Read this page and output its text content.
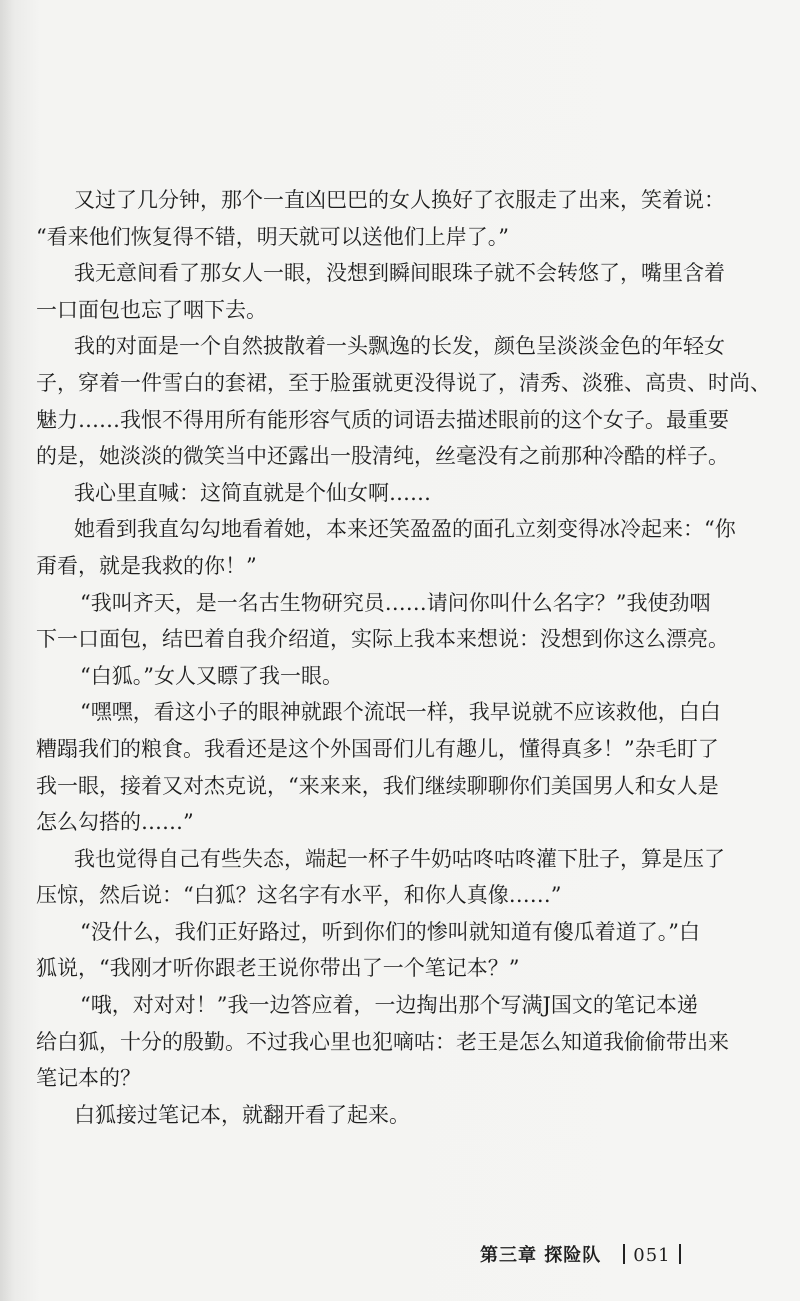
又过了几分钟，那个一直凶巴巴的女人换好了衣服走了出来，笑着说：
“看来他们恢复得不错，明天就可以送他们上岸了。”
我无意间看了那女人一眼，没想到瞬间眼珠子就不会转悠了，嘴里含着
一口面包也忘了咽下去。
我的对面是一个自然披散着一头飘逸的长发，颜色呈淡淡金色的年轻女
子，穿着一件雪白的套裙，至于脸蛋就更没得说了，清秀、淡雅、高贵、时尚、
魅力……我恨不得用所有能形容气质的词语去描述眼前的这个女子。最重要
的是，她淡淡的微笑当中还露出一股清纯，丝毫没有之前那种冷酷的样子。
我心里直喊：这简直就是个仙女啊……
她看到我直勾勾地看着她，本来还笑盈盈的面孔立刻变得冰冷起来：“你
甭看，就是我救的你！”
“我叫齐天，是一名古生物研究员……请问你叫什么名字？”我使劲咽
下一口面包，结巴着自我介绍道，实际上我本来想说：没想到你这么漂亮。
“白狐。”女人又瞟了我一眼。
“嘿嘿，看这小子的眼神就跟个流氓一样，我早说就不应该救他，白白
糟蹋我们的粮食。我看还是这个外国哥们儿有趣儿，懂得真多！”杂毛盯了
我一眼，接着又对杰克说，“来来来，我们继续聊聊你们美国男人和女人是
怎么勾搭的……”
我也觉得自己有些失态，端起一杯子牛奶咕咚咕咚灌下肚子，算是压了
压惊，然后说：“白狐？这名字有水平，和你人真像……”
“没什么，我们正好路过，听到你们的惨叫就知道有傻瓜着道了。”白
狐说，“我刚才听你跟老王说你带出了一个笔记本？”
“哦，对对对！”我一边答应着，一边掏出那个写满J国文的笔记本递
给白狐，十分的殷勤。不过我心里也犯嘀咕：老王是怎么知道我偷偷带出来
笔记本的？
白狐接过笔记本，就翻开看了起来。
第三章 探险队 051
